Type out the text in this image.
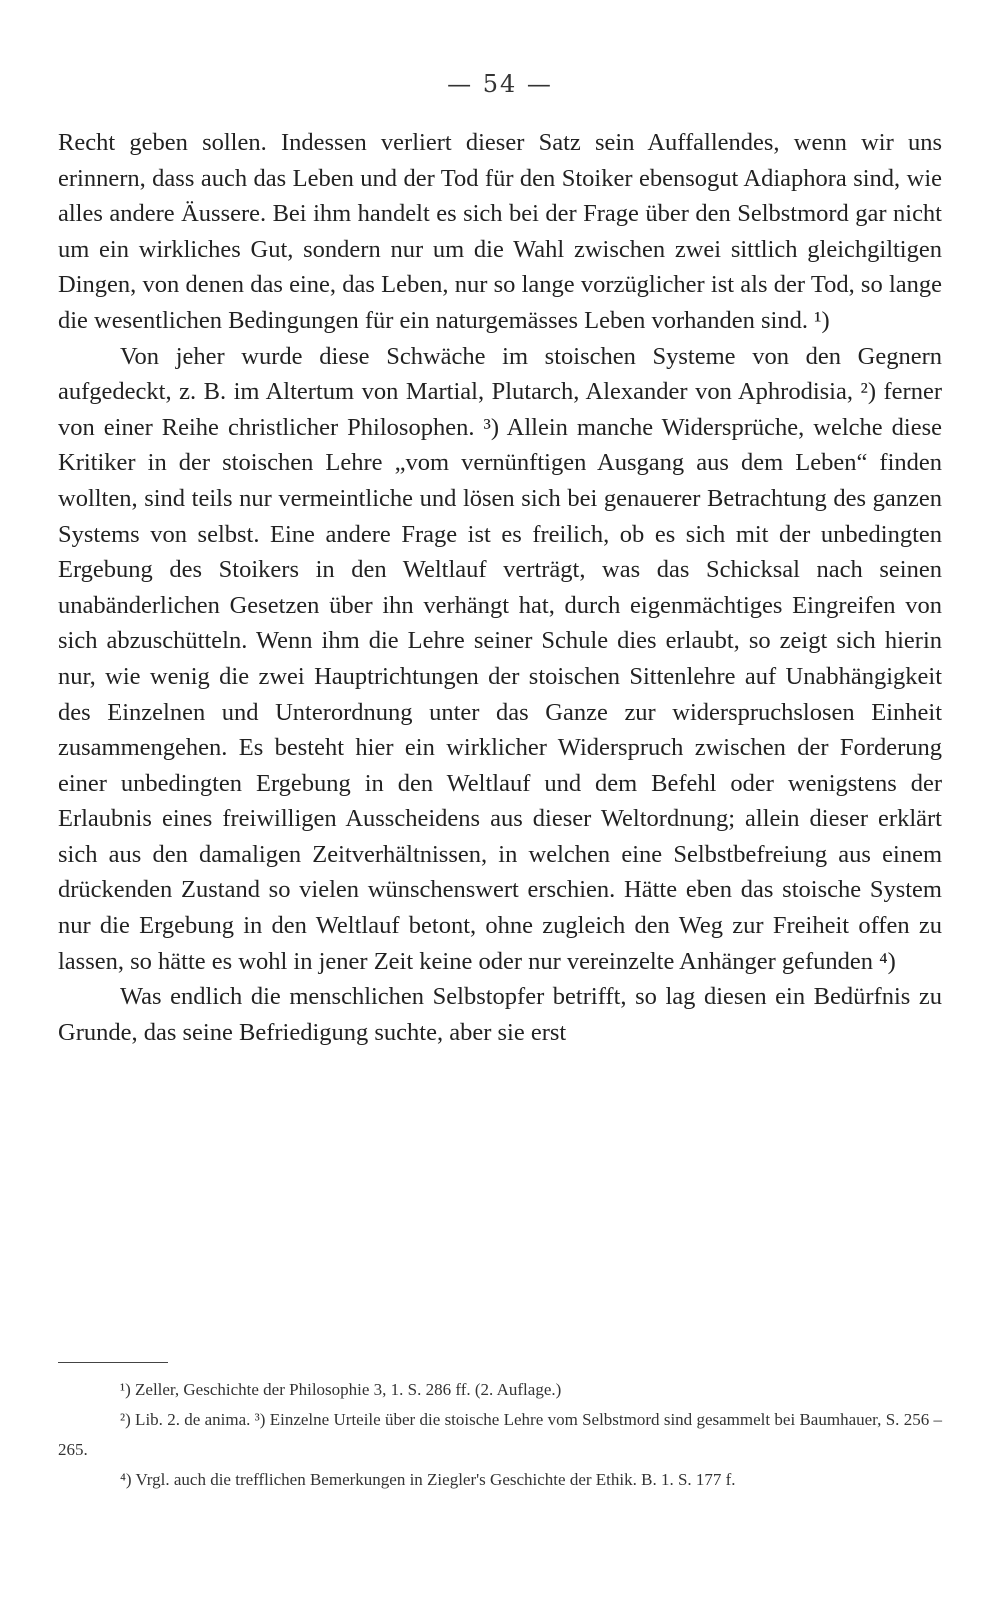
— 54 —

Recht geben sollen. Indessen verliert dieser Satz sein Auffallendes, wenn wir uns erinnern, dass auch das Leben und der Tod für den Stoiker ebensogut Adiaphora sind, wie alles andere Äussere. Bei ihm handelt es sich bei der Frage über den Selbstmord gar nicht um ein wirkliches Gut, sondern nur um die Wahl zwischen zwei sittlich gleichgiltigen Dingen, von denen das eine, das Leben, nur so lange vorzüglicher ist als der Tod, so lange die wesentlichen Bedingungen für ein naturgemässes Leben vorhanden sind. ¹)

Von jeher wurde diese Schwäche im stoischen Systeme von den Gegnern aufgedeckt, z. B. im Altertum von Martial, Plutarch, Alexander von Aphrodisia, ²) ferner von einer Reihe christlicher Philosophen. ³) Allein manche Widersprüche, welche diese Kritiker in der stoischen Lehre „vom vernünftigen Ausgang aus dem Leben“ finden wollten, sind teils nur vermeintliche und lösen sich bei genauerer Betrachtung des ganzen Systems von selbst. Eine andere Frage ist es freilich, ob es sich mit der unbedingten Ergebung des Stoikers in den Weltlauf verträgt, was das Schicksal nach seinen unabänderlichen Gesetzen über ihn verhängt hat, durch eigenmächtiges Eingreifen von sich abzuschütteln. Wenn ihm die Lehre seiner Schule dies erlaubt, so zeigt sich hierin nur, wie wenig die zwei Hauptrichtungen der stoischen Sittenlehre auf Unabhängigkeit des Einzelnen und Unterordnung unter das Ganze zur widerspruchslosen Einheit zusammengehen. Es besteht hier ein wirklicher Widerspruch zwischen der Forderung einer unbedingten Ergebung in den Weltlauf und dem Befehl oder wenigstens der Erlaubnis eines freiwilligen Ausscheidens aus dieser Weltordnung; allein dieser erklärt sich aus den damaligen Zeitverhältnissen, in welchen eine Selbstbefreiung aus einem drückenden Zustand so vielen wünschenswert erschien. Hätte eben das stoische System nur die Ergebung in den Weltlauf betont, ohne zugleich den Weg zur Freiheit offen zu lassen, so hätte es wohl in jener Zeit keine oder nur vereinzelte Anhänger gefunden ⁴)

Was endlich die menschlichen Selbstopfer betrifft, so lag diesen ein Bedürfnis zu Grunde, das seine Befriedigung suchte, aber sie erst

¹) Zeller, Geschichte der Philosophie 3, 1. S. 286 ff. (2. Auflage.)

²) Lib. 2. de anima. ³) Einzelne Urteile über die stoische Lehre vom Selbstmord sind gesammelt bei Baumhauer, S. 256 – 265.

⁴) Vrgl. auch die trefflichen Bemerkungen in Ziegler's Geschichte der Ethik. B. 1. S. 177 f.
